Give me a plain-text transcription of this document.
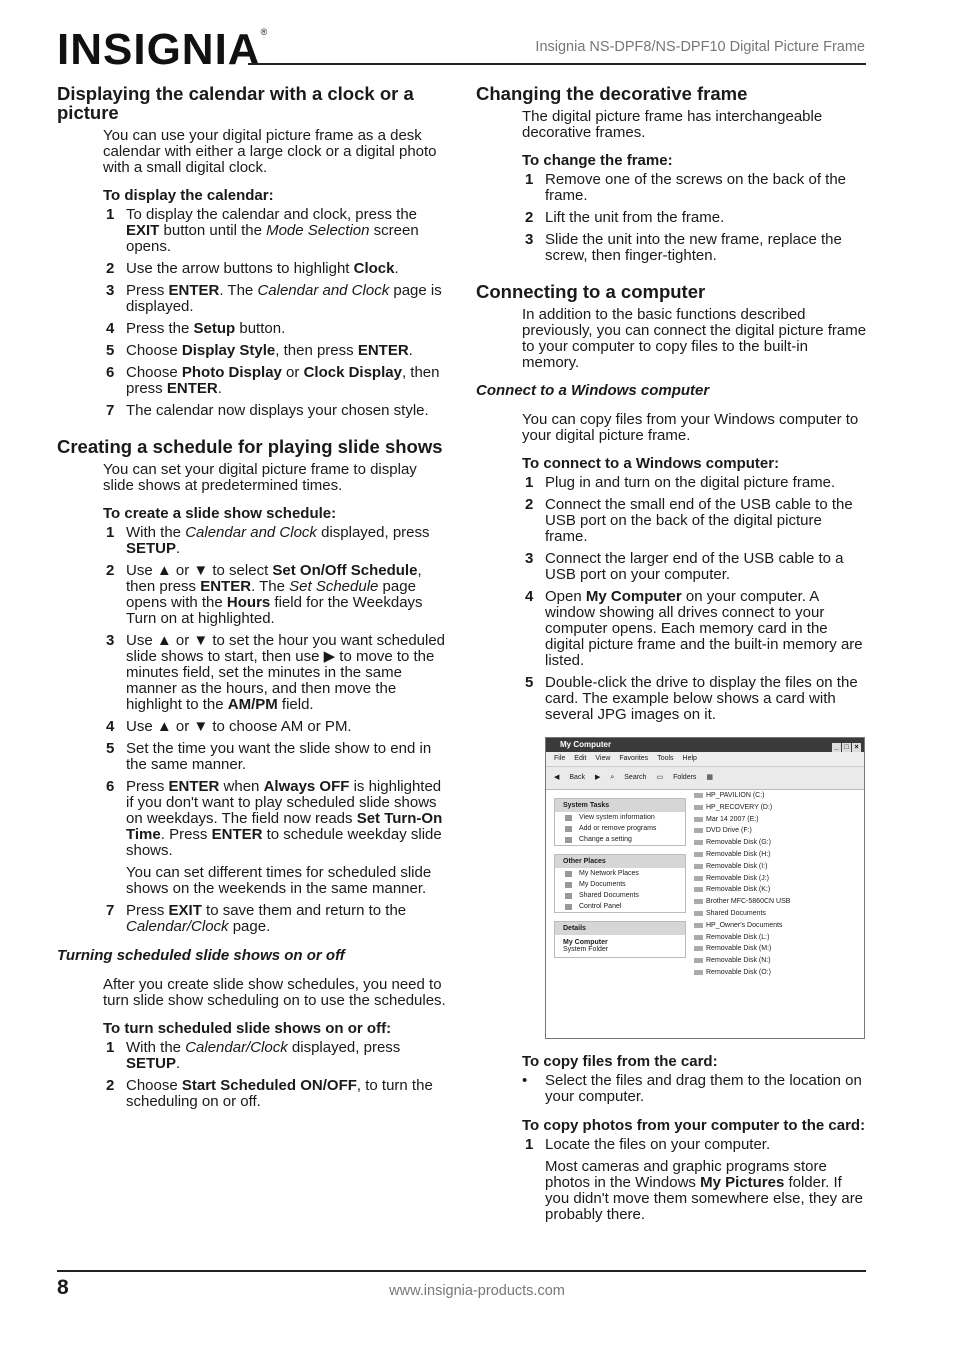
INSIGNIA®
Insignia NS-DPF8/NS-DPF10 Digital Picture Frame
Displaying the calendar with a clock or a picture
You can use your digital picture frame as a desk calendar with either a large clock or a digital photo with a small digital clock.
To display the calendar:
1 To display the calendar and clock, press the EXIT button until the Mode Selection screen opens.
2 Use the arrow buttons to highlight Clock.
3 Press ENTER. The Calendar and Clock page is displayed.
4 Press the Setup button.
5 Choose Display Style, then press ENTER.
6 Choose Photo Display or Clock Display, then press ENTER.
7 The calendar now displays your chosen style.
Creating a schedule for playing slide shows
You can set your digital picture frame to display slide shows at predetermined times.
To create a slide show schedule:
1 With the Calendar and Clock displayed, press SETUP.
2 Use ▲ or ▼ to select Set On/Off Schedule, then press ENTER. The Set Schedule page opens with the Hours field for the Weekdays Turn on at highlighted.
3 Use ▲ or ▼ to set the hour you want scheduled slide shows to start, then use ▶ to move to the minutes field, set the minutes in the same manner as the hours, and then move the highlight to the AM/PM field.
4 Use ▲ or ▼ to choose AM or PM.
5 Set the time you want the slide show to end in the same manner.
6 Press ENTER when Always OFF is highlighted if you don't want to play scheduled slide shows on weekdays. The field now reads Set Turn-On Time. Press ENTER to schedule weekday slide shows.
You can set different times for scheduled slide shows on the weekends in the same manner.
7 Press EXIT to save them and return to the Calendar/Clock page.
Turning scheduled slide shows on or off
After you create slide show schedules, you need to turn slide show scheduling on to use the schedules.
To turn scheduled slide shows on or off:
1 With the Calendar/Clock displayed, press SETUP.
2 Choose Start Scheduled ON/OFF, to turn the scheduling on or off.
Changing the decorative frame
The digital picture frame has interchangeable decorative frames.
To change the frame:
1 Remove one of the screws on the back of the frame.
2 Lift the unit from the frame.
3 Slide the unit into the new frame, replace the screw, then finger-tighten.
Connecting to a computer
In addition to the basic functions described previously, you can connect the digital picture frame to your computer to copy files to the built-in memory.
Connect to a Windows computer
You can copy files from your Windows computer to your digital picture frame.
To connect to a Windows computer:
1 Plug in and turn on the digital picture frame.
2 Connect the small end of the USB cable to the USB port on the back of the digital picture frame.
3 Connect the larger end of the USB cable to a USB port on your computer.
4 Open My Computer on your computer. A window showing all drives connect to your computer opens. Each memory card in the digital picture frame and the built-in memory are listed.
5 Double-click the drive to display the files on the card. The example below shows a card with several JPG images on it.
My Computer	_ □ ×
File Edit View Favorites Tools Help
◀ Back ▶ ⌕ Search ▭ Folders ▦
System Tasks
View system information
Add or remove programs
Change a setting
Other Places
My Network Places
My Documents
Shared Documents
Control Panel
Details
My Computer
System Folder
HP_PAVILION (C:)
HP_RECOVERY (D:)
Mar 14 2007 (E:)
DVD Drive (F:)
Removable Disk (G:)
Removable Disk (H:)
Removable Disk (I:)
Removable Disk (J:)
Removable Disk (K:)
Brother MFC-5860CN USB
Shared Documents
HP_Owner's Documents
Removable Disk (L:)
Removable Disk (M:)
Removable Disk (N:)
Removable Disk (O:)
To copy files from the card:
• Select the files and drag them to the location on your computer.
To copy photos from your computer to the card:
1 Locate the files on your computer.
Most cameras and graphic programs store photos in the Windows My Pictures folder. If you didn't move them somewhere else, they are probably there.
8	www.insignia-products.com
